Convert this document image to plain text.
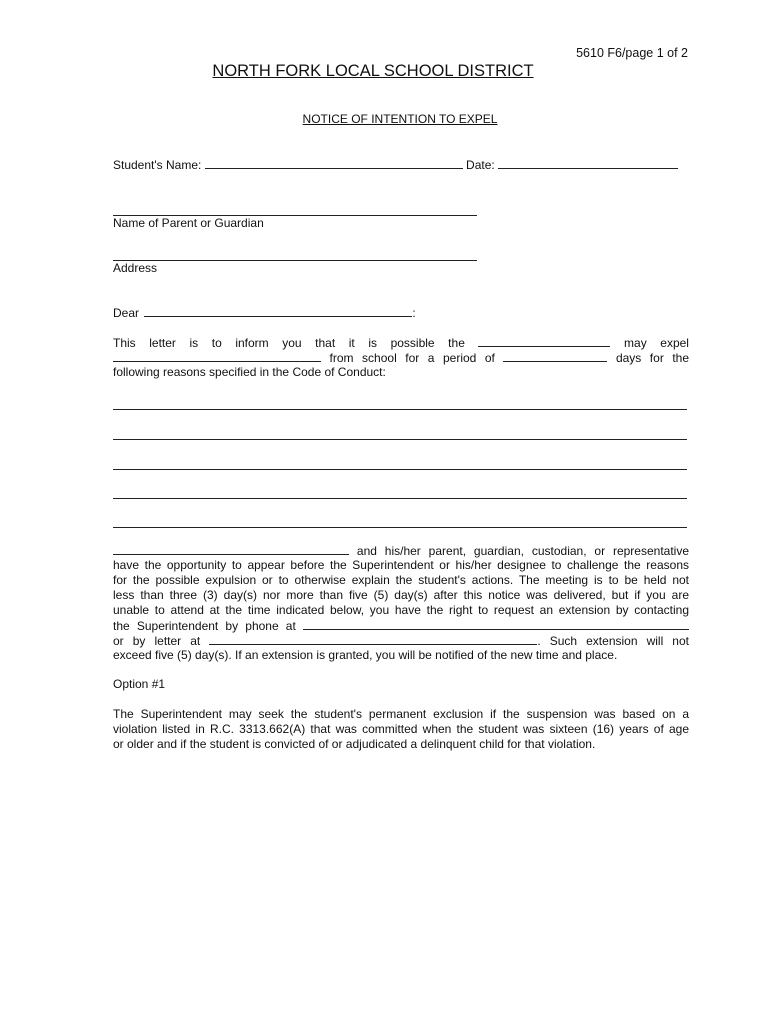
5610 F6/page 1 of 2
NORTH FORK LOCAL SCHOOL DISTRICT
NOTICE OF INTENTION TO EXPEL
Student's Name:	Date:
Name of Parent or Guardian
Address
Dear	:
This letter is to inform you that it is possible the	may expel
from school for a period of	days for the
following reasons specified in the Code of Conduct:
and his/her parent, guardian, custodian, or representative
have the opportunity to appear before the Superintendent or his/her designee to challenge the reasons
for the possible expulsion or to otherwise explain the student's actions. The meeting is to be held not
less than three (3) day(s) nor more than five (5) day(s) after this notice was delivered, but if you are
unable to attend at the time indicated below, you have the right to request an extension by contacting
the Superintendent by phone at
or by letter at	. Such extension will not
exceed five (5) day(s). If an extension is granted, you will be notified of the new time and place.
Option #1
The Superintendent may seek the student's permanent exclusion if the suspension was based on a
violation listed in R.C. 3313.662(A) that was committed when the student was sixteen (16) years of age
or older and if the student is convicted of or adjudicated a delinquent child for that violation.
